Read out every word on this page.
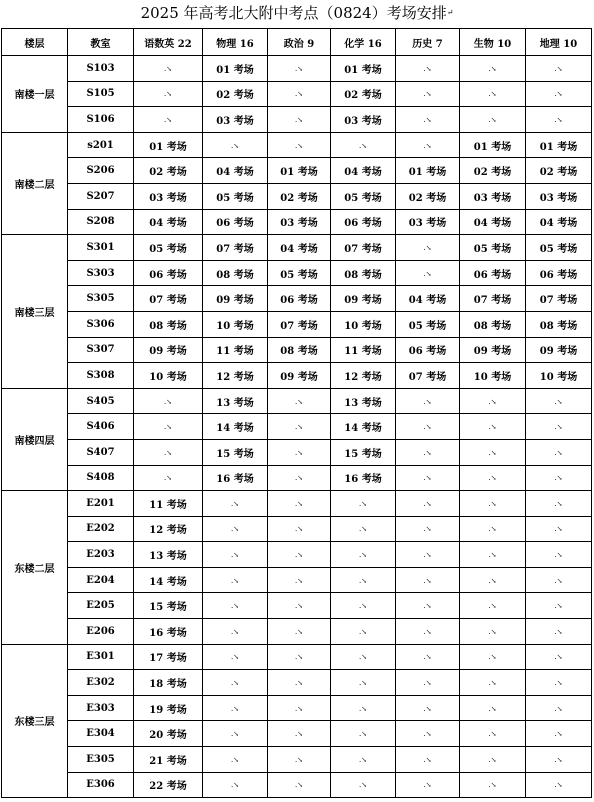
2025 年高考北大附中考点（0824）考场安排↵
楼层	教室	语数英 22	物理 16	政治 9	化学 16	历史 7	生物 10	地理 10
南楼一层	S103	.↘	01 考场	.↘	01 考场	.↘	.↘	.↘
	S105	.↘	02 考场	.↘	02 考场	.↘	.↘	.↘
	S106	.↘	03 考场	.↘	03 考场	.↘	.↘	.↘
南楼二层	s201	01 考场	.↘	.↘	.↘	.↘	01 考场	01 考场
	S206	02 考场	04 考场	01 考场	04 考场	01 考场	02 考场	02 考场
	S207	03 考场	05 考场	02 考场	05 考场	02 考场	03 考场	03 考场
	S208	04 考场	06 考场	03 考场	06 考场	03 考场	04 考场	04 考场
南楼三层	S301	05 考场	07 考场	04 考场	07 考场	.↘	05 考场	05 考场
	S303	06 考场	08 考场	05 考场	08 考场	.↘	06 考场	06 考场
	S305	07 考场	09 考场	06 考场	09 考场	04 考场	07 考场	07 考场
	S306	08 考场	10 考场	07 考场	10 考场	05 考场	08 考场	08 考场
	S307	09 考场	11 考场	08 考场	11 考场	06 考场	09 考场	09 考场
	S308	10 考场	12 考场	09 考场	12 考场	07 考场	10 考场	10 考场
南楼四层	S405	.↘	13 考场	.↘	13 考场	.↘	.↘	.↘
	S406	.↘	14 考场	.↘	14 考场	.↘	.↘	.↘
	S407	.↘	15 考场	.↘	15 考场	.↘	.↘	.↘
	S408	.↘	16 考场	.↘	16 考场	.↘	.↘	.↘
东楼二层	E201	11 考场	.↘	.↘	.↘	.↘	.↘	.↘
	E202	12 考场	.↘	.↘	.↘	.↘	.↘	.↘
	E203	13 考场	.↘	.↘	.↘	.↘	.↘	.↘
	E204	14 考场	.↘	.↘	.↘	.↘	.↘	.↘
	E205	15 考场	.↘	.↘	.↘	.↘	.↘	.↘
	E206	16 考场	.↘	.↘	.↘	.↘	.↘	.↘
东楼三层	E301	17 考场	.↘	.↘	.↘	.↘	.↘	.↘
	E302	18 考场	.↘	.↘	.↘	.↘	.↘	.↘
	E303	19 考场	.↘	.↘	.↘	.↘	.↘	.↘
	E304	20 考场	.↘	.↘	.↘	.↘	.↘	.↘
	E305	21 考场	.↘	.↘	.↘	.↘	.↘	.↘
	E306	22 考场	.↘	.↘	.↘	.↘	.↘	.↘
